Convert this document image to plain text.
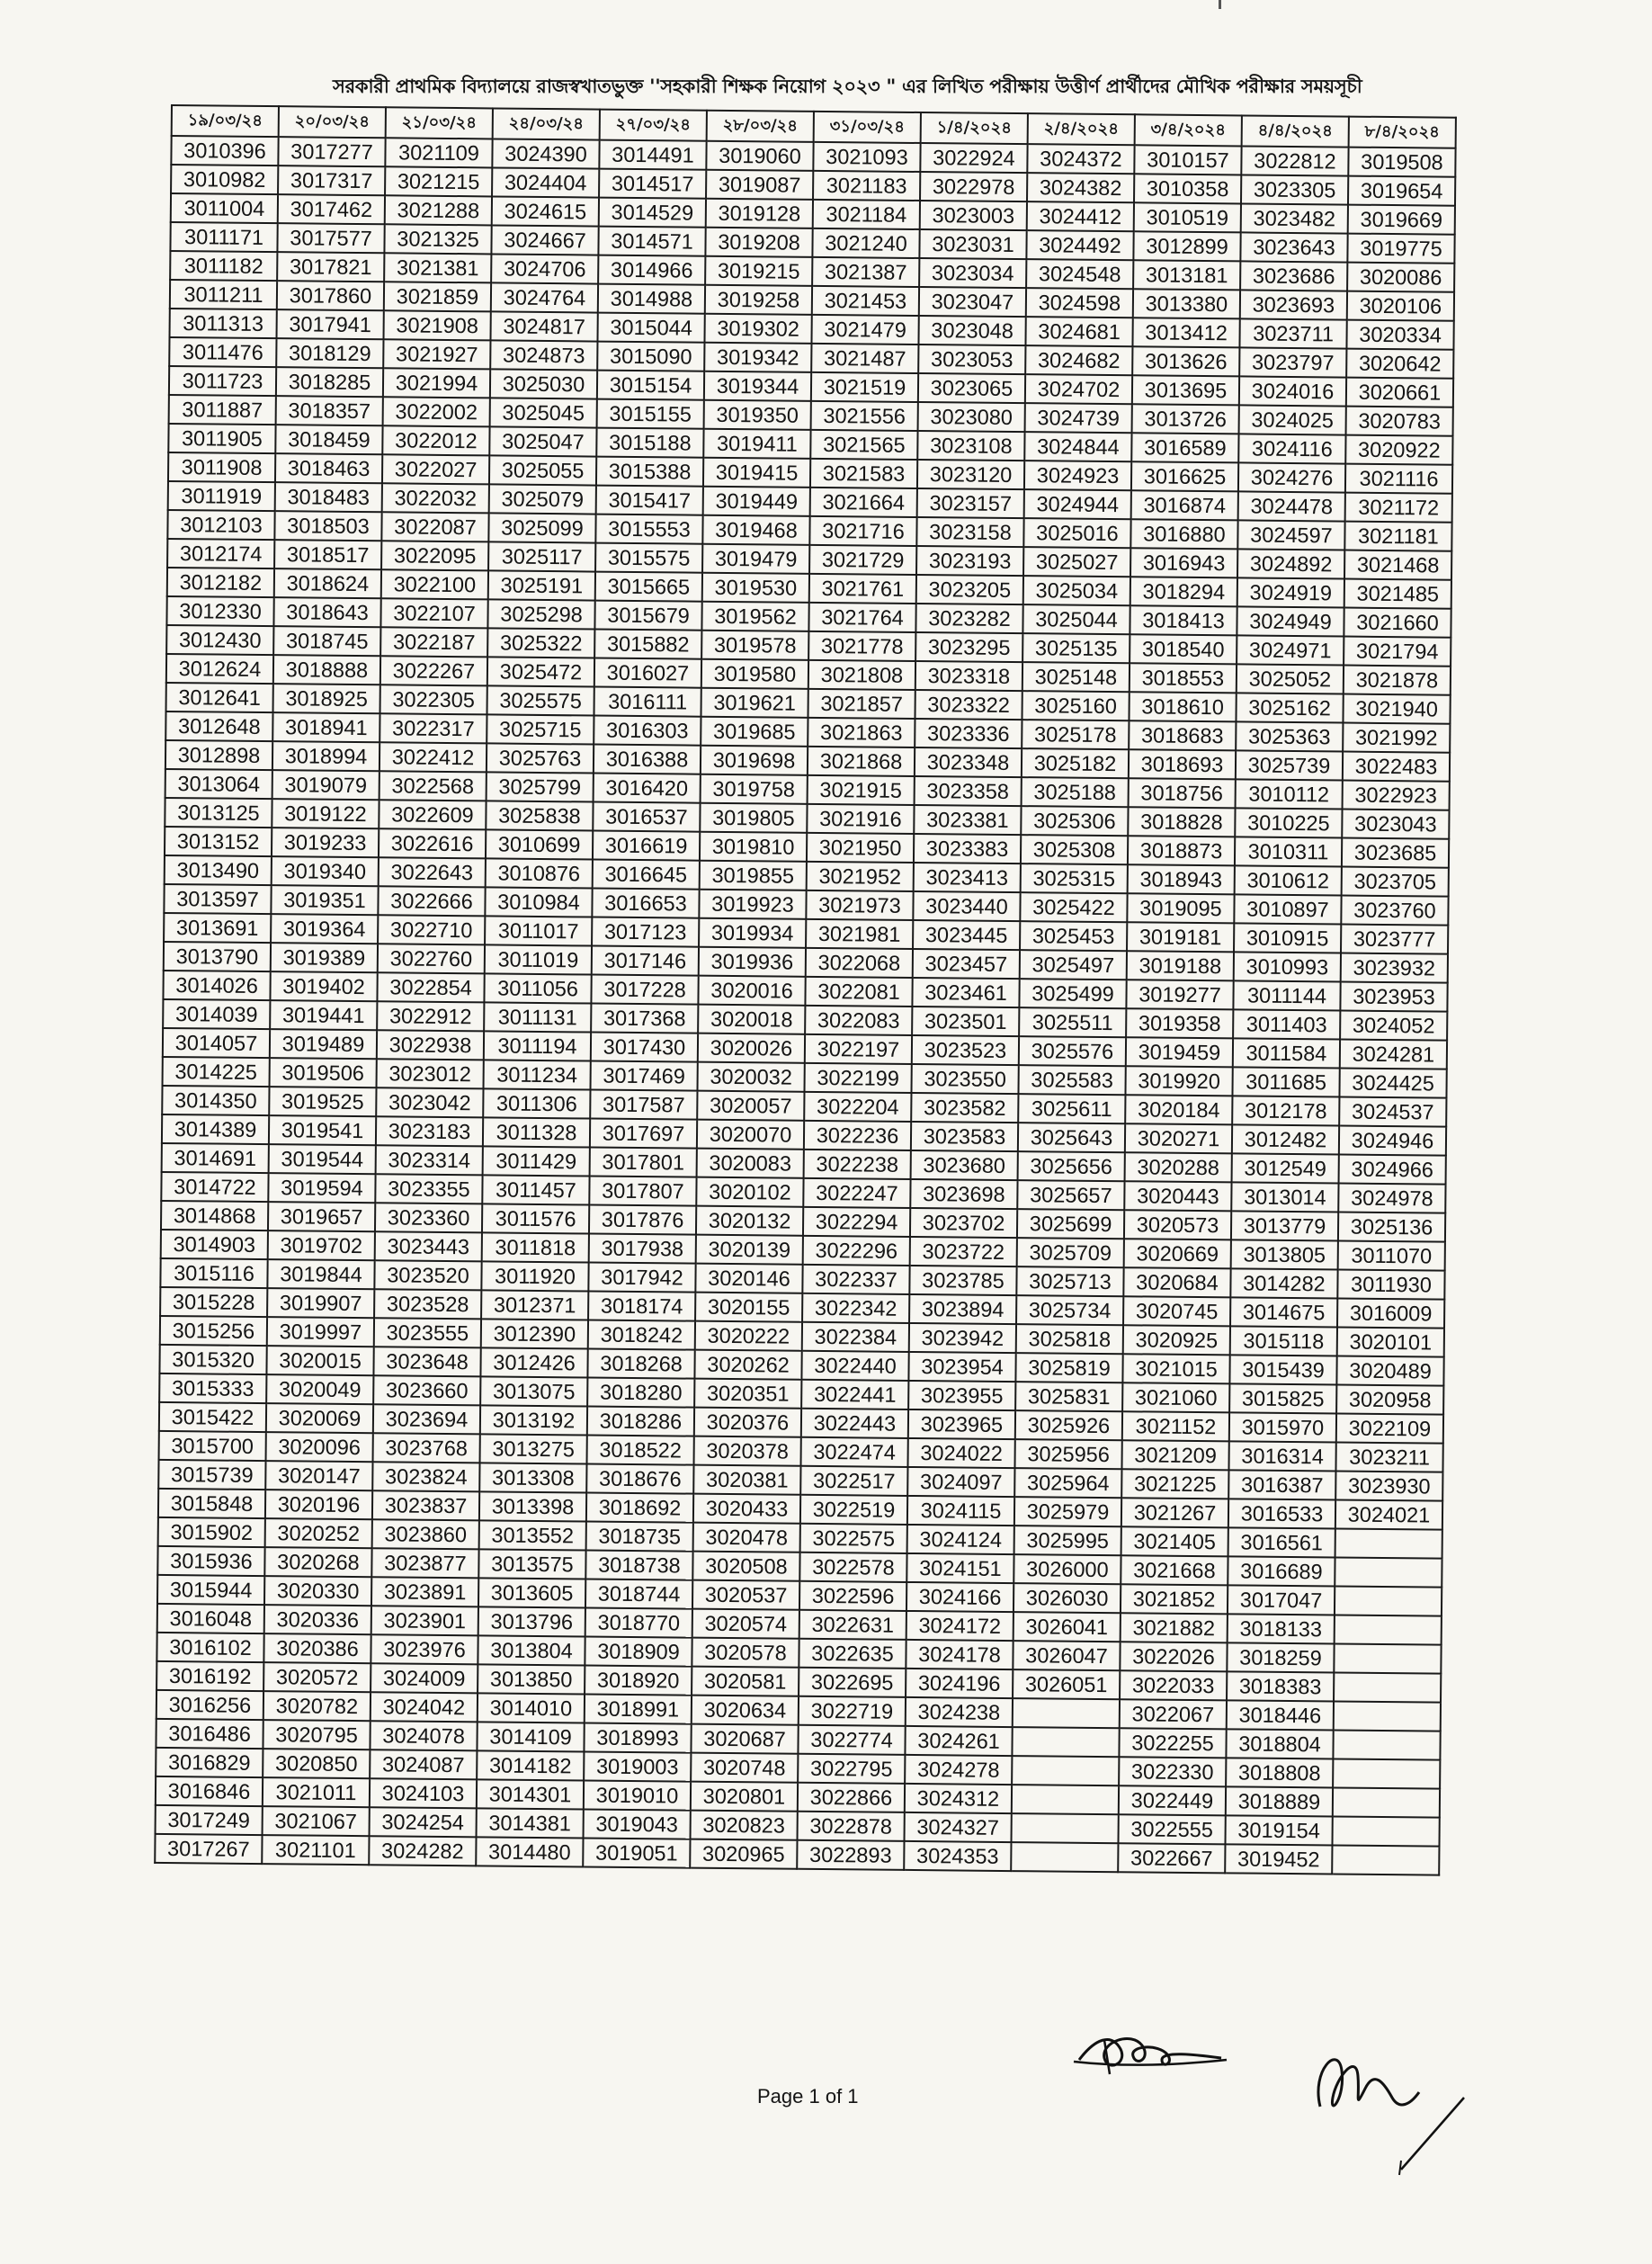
সরকারী প্রাথমিক বিদ্যালয়ে রাজস্বখাতভুক্ত ''সহকারী শিক্ষক নিয়োগ ২০২৩ " এর লিখিত পরীক্ষায় উত্তীর্ণ প্রার্থীদের মৌখিক পরীক্ষার সময়সূচী
১৯/০৩/২৪	২০/০৩/২৪	২১/০৩/২৪	২৪/০৩/২৪	২৭/০৩/২৪	২৮/০৩/২৪	৩১/০৩/২৪	১/৪/২০২৪	২/৪/২০২৪	৩/৪/২০২৪	৪/৪/২০২৪	৮/৪/২০২৪
3010396	3017277	3021109	3024390	3014491	3019060	3021093	3022924	3024372	3010157	3022812	3019508
3010982	3017317	3021215	3024404	3014517	3019087	3021183	3022978	3024382	3010358	3023305	3019654
3011004	3017462	3021288	3024615	3014529	3019128	3021184	3023003	3024412	3010519	3023482	3019669
3011171	3017577	3021325	3024667	3014571	3019208	3021240	3023031	3024492	3012899	3023643	3019775
3011182	3017821	3021381	3024706	3014966	3019215	3021387	3023034	3024548	3013181	3023686	3020086
3011211	3017860	3021859	3024764	3014988	3019258	3021453	3023047	3024598	3013380	3023693	3020106
3011313	3017941	3021908	3024817	3015044	3019302	3021479	3023048	3024681	3013412	3023711	3020334
3011476	3018129	3021927	3024873	3015090	3019342	3021487	3023053	3024682	3013626	3023797	3020642
3011723	3018285	3021994	3025030	3015154	3019344	3021519	3023065	3024702	3013695	3024016	3020661
3011887	3018357	3022002	3025045	3015155	3019350	3021556	3023080	3024739	3013726	3024025	3020783
3011905	3018459	3022012	3025047	3015188	3019411	3021565	3023108	3024844	3016589	3024116	3020922
3011908	3018463	3022027	3025055	3015388	3019415	3021583	3023120	3024923	3016625	3024276	3021116
3011919	3018483	3022032	3025079	3015417	3019449	3021664	3023157	3024944	3016874	3024478	3021172
3012103	3018503	3022087	3025099	3015553	3019468	3021716	3023158	3025016	3016880	3024597	3021181
3012174	3018517	3022095	3025117	3015575	3019479	3021729	3023193	3025027	3016943	3024892	3021468
3012182	3018624	3022100	3025191	3015665	3019530	3021761	3023205	3025034	3018294	3024919	3021485
3012330	3018643	3022107	3025298	3015679	3019562	3021764	3023282	3025044	3018413	3024949	3021660
3012430	3018745	3022187	3025322	3015882	3019578	3021778	3023295	3025135	3018540	3024971	3021794
3012624	3018888	3022267	3025472	3016027	3019580	3021808	3023318	3025148	3018553	3025052	3021878
3012641	3018925	3022305	3025575	3016111	3019621	3021857	3023322	3025160	3018610	3025162	3021940
3012648	3018941	3022317	3025715	3016303	3019685	3021863	3023336	3025178	3018683	3025363	3021992
3012898	3018994	3022412	3025763	3016388	3019698	3021868	3023348	3025182	3018693	3025739	3022483
3013064	3019079	3022568	3025799	3016420	3019758	3021915	3023358	3025188	3018756	3010112	3022923
3013125	3019122	3022609	3025838	3016537	3019805	3021916	3023381	3025306	3018828	3010225	3023043
3013152	3019233	3022616	3010699	3016619	3019810	3021950	3023383	3025308	3018873	3010311	3023685
3013490	3019340	3022643	3010876	3016645	3019855	3021952	3023413	3025315	3018943	3010612	3023705
3013597	3019351	3022666	3010984	3016653	3019923	3021973	3023440	3025422	3019095	3010897	3023760
3013691	3019364	3022710	3011017	3017123	3019934	3021981	3023445	3025453	3019181	3010915	3023777
3013790	3019389	3022760	3011019	3017146	3019936	3022068	3023457	3025497	3019188	3010993	3023932
3014026	3019402	3022854	3011056	3017228	3020016	3022081	3023461	3025499	3019277	3011144	3023953
3014039	3019441	3022912	3011131	3017368	3020018	3022083	3023501	3025511	3019358	3011403	3024052
3014057	3019489	3022938	3011194	3017430	3020026	3022197	3023523	3025576	3019459	3011584	3024281
3014225	3019506	3023012	3011234	3017469	3020032	3022199	3023550	3025583	3019920	3011685	3024425
3014350	3019525	3023042	3011306	3017587	3020057	3022204	3023582	3025611	3020184	3012178	3024537
3014389	3019541	3023183	3011328	3017697	3020070	3022236	3023583	3025643	3020271	3012482	3024946
3014691	3019544	3023314	3011429	3017801	3020083	3022238	3023680	3025656	3020288	3012549	3024966
3014722	3019594	3023355	3011457	3017807	3020102	3022247	3023698	3025657	3020443	3013014	3024978
3014868	3019657	3023360	3011576	3017876	3020132	3022294	3023702	3025699	3020573	3013779	3025136
3014903	3019702	3023443	3011818	3017938	3020139	3022296	3023722	3025709	3020669	3013805	3011070
3015116	3019844	3023520	3011920	3017942	3020146	3022337	3023785	3025713	3020684	3014282	3011930
3015228	3019907	3023528	3012371	3018174	3020155	3022342	3023894	3025734	3020745	3014675	3016009
3015256	3019997	3023555	3012390	3018242	3020222	3022384	3023942	3025818	3020925	3015118	3020101
3015320	3020015	3023648	3012426	3018268	3020262	3022440	3023954	3025819	3021015	3015439	3020489
3015333	3020049	3023660	3013075	3018280	3020351	3022441	3023955	3025831	3021060	3015825	3020958
3015422	3020069	3023694	3013192	3018286	3020376	3022443	3023965	3025926	3021152	3015970	3022109
3015700	3020096	3023768	3013275	3018522	3020378	3022474	3024022	3025956	3021209	3016314	3023211
3015739	3020147	3023824	3013308	3018676	3020381	3022517	3024097	3025964	3021225	3016387	3023930
3015848	3020196	3023837	3013398	3018692	3020433	3022519	3024115	3025979	3021267	3016533	3024021
3015902	3020252	3023860	3013552	3018735	3020478	3022575	3024124	3025995	3021405	3016561	
3015936	3020268	3023877	3013575	3018738	3020508	3022578	3024151	3026000	3021668	3016689	
3015944	3020330	3023891	3013605	3018744	3020537	3022596	3024166	3026030	3021852	3017047	
3016048	3020336	3023901	3013796	3018770	3020574	3022631	3024172	3026041	3021882	3018133	
3016102	3020386	3023976	3013804	3018909	3020578	3022635	3024178	3026047	3022026	3018259	
3016192	3020572	3024009	3013850	3018920	3020581	3022695	3024196	3026051	3022033	3018383	
3016256	3020782	3024042	3014010	3018991	3020634	3022719	3024238		3022067	3018446	
3016486	3020795	3024078	3014109	3018993	3020687	3022774	3024261		3022255	3018804	
3016829	3020850	3024087	3014182	3019003	3020748	3022795	3024278		3022330	3018808	
3016846	3021011	3024103	3014301	3019010	3020801	3022866	3024312		3022449	3018889	
3017249	3021067	3024254	3014381	3019043	3020823	3022878	3024327		3022555	3019154	
3017267	3021101	3024282	3014480	3019051	3020965	3022893	3024353		3022667	3019452	
Page 1 of 1
